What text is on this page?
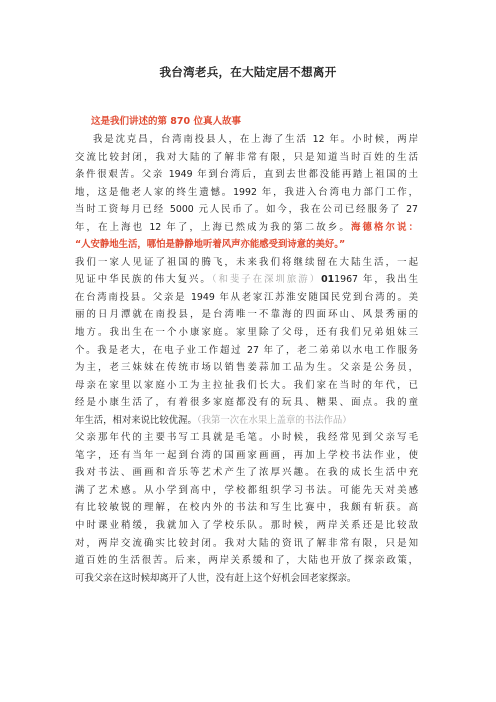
我台湾老兵，在大陆定居不想离开
这是我们讲述的第 870 位真人故事
我是沈克昌，台湾南投县人，在上海了生活 12 年。小时候，两岸
交流比较封闭，我对大陆的了解非常有限，只是知道当时百姓的生活
条件很艰苦。父亲 1949 年到台湾后，直到去世都没能再踏上祖国的土
地，这是他老人家的终生遗憾。1992 年，我进入台湾电力部门工作，
当时工资每月已经 5000 元人民币了。如今，我在公司已经服务了 27
年，在上海也 12 年了，上海已然成为我的第二故乡。海德格尔说：
“人安静地生活，哪怕是静静地听着风声亦能感受到诗意的美好。”
我们一家人见证了祖国的腾飞，未来我们将继续留在大陆生活，一起
见证中华民族的伟大复兴。（和斐子在深圳旅游）011967 年，我出生
在台湾南投县。父亲是 1949 年从老家江苏淮安随国民党到台湾的。美
丽的日月潭就在南投县，是台湾唯一不靠海的四面环山、风景秀丽的
地方。我出生在一个小康家庭。家里除了父母，还有我们兄弟姐妹三
个。我是老大，在电子业工作超过 27 年了，老二弟弟以水电工作服务
为主，老三妹妹在传统市场以销售姜蒜加工品为生。父亲是公务员，
母亲在家里以家庭小工为主拉扯我们长大。我们家在当时的年代，已
经是小康生活了，有着很多家庭都没有的玩具、糖果、面点。我的童
年生活，相对来说比较优渥。（我第一次在水果上盖章的书法作品）
父亲那年代的主要书写工具就是毛笔。小时候，我经常见到父亲写毛
笔字，还有当年一起到台湾的国画家画画，再加上学校书法作业，使
我对书法、画画和音乐等艺术产生了浓厚兴趣。在我的成长生活中充
满了艺术感。从小学到高中，学校都组织学习书法。可能先天对美感
有比较敏锐的理解，在校内外的书法和写生比赛中，我颇有斩获。高
中时课业稍缓，我就加入了学校乐队。那时候，两岸关系还是比较敌
对，两岸交流确实比较封闭。我对大陆的资讯了解非常有限，只是知
道百姓的生活很苦。后来，两岸关系缓和了，大陆也开放了探亲政策，
可我父亲在这时候却离开了人世，没有赶上这个好机会回老家探亲。
